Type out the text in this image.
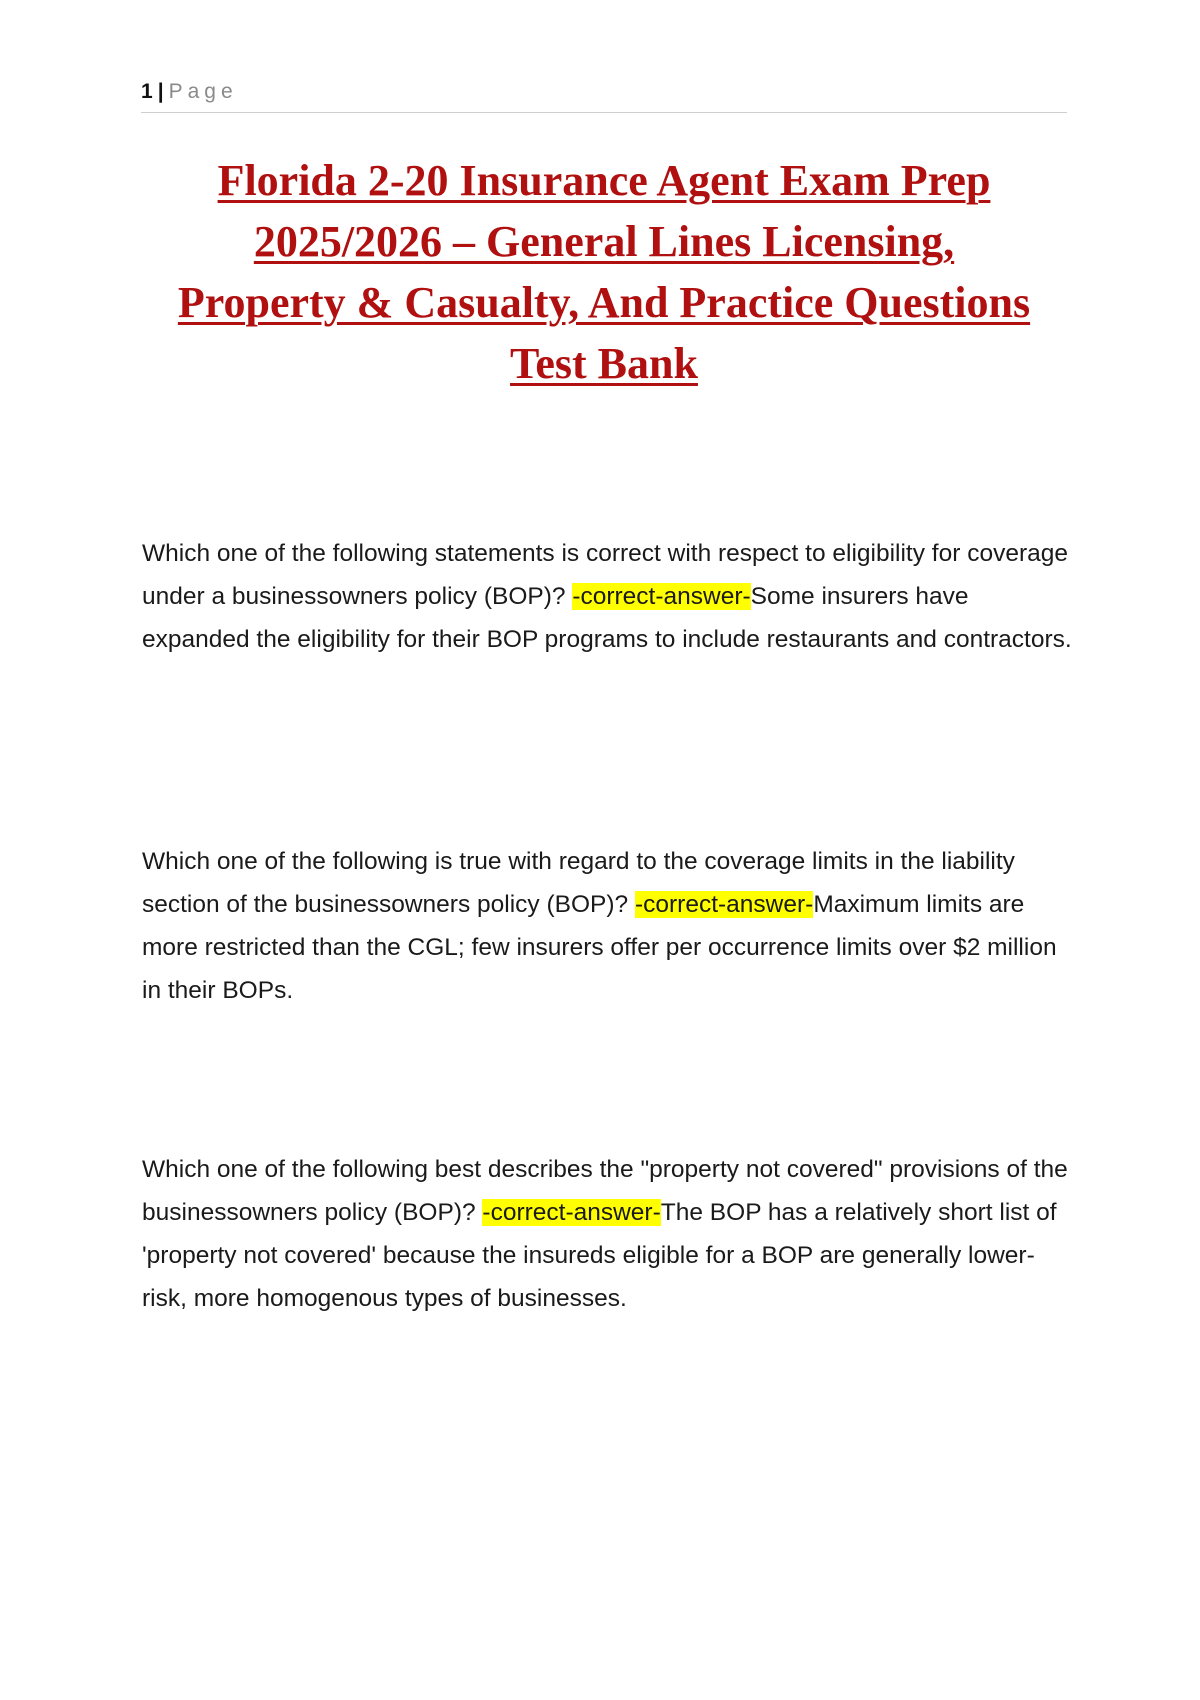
1 | Page
Florida 2-20 Insurance Agent Exam Prep
2025/2026 – General Lines Licensing,
Property & Casualty, And Practice Questions
Test Bank
Which one of the following statements is correct with respect to eligibility for coverage under a businessowners policy (BOP)? -correct-answer-Some insurers have expanded the eligibility for their BOP programs to include restaurants and contractors.
Which one of the following is true with regard to the coverage limits in the liability section of the businessowners policy (BOP)? -correct-answer-Maximum limits are more restricted than the CGL; few insurers offer per occurrence limits over $2 million in their BOPs.
Which one of the following best describes the "property not covered" provisions of the businessowners policy (BOP)? -correct-answer-The BOP has a relatively short list of 'property not covered' because the insureds eligible for a BOP are generally lower-risk, more homogenous types of businesses.
